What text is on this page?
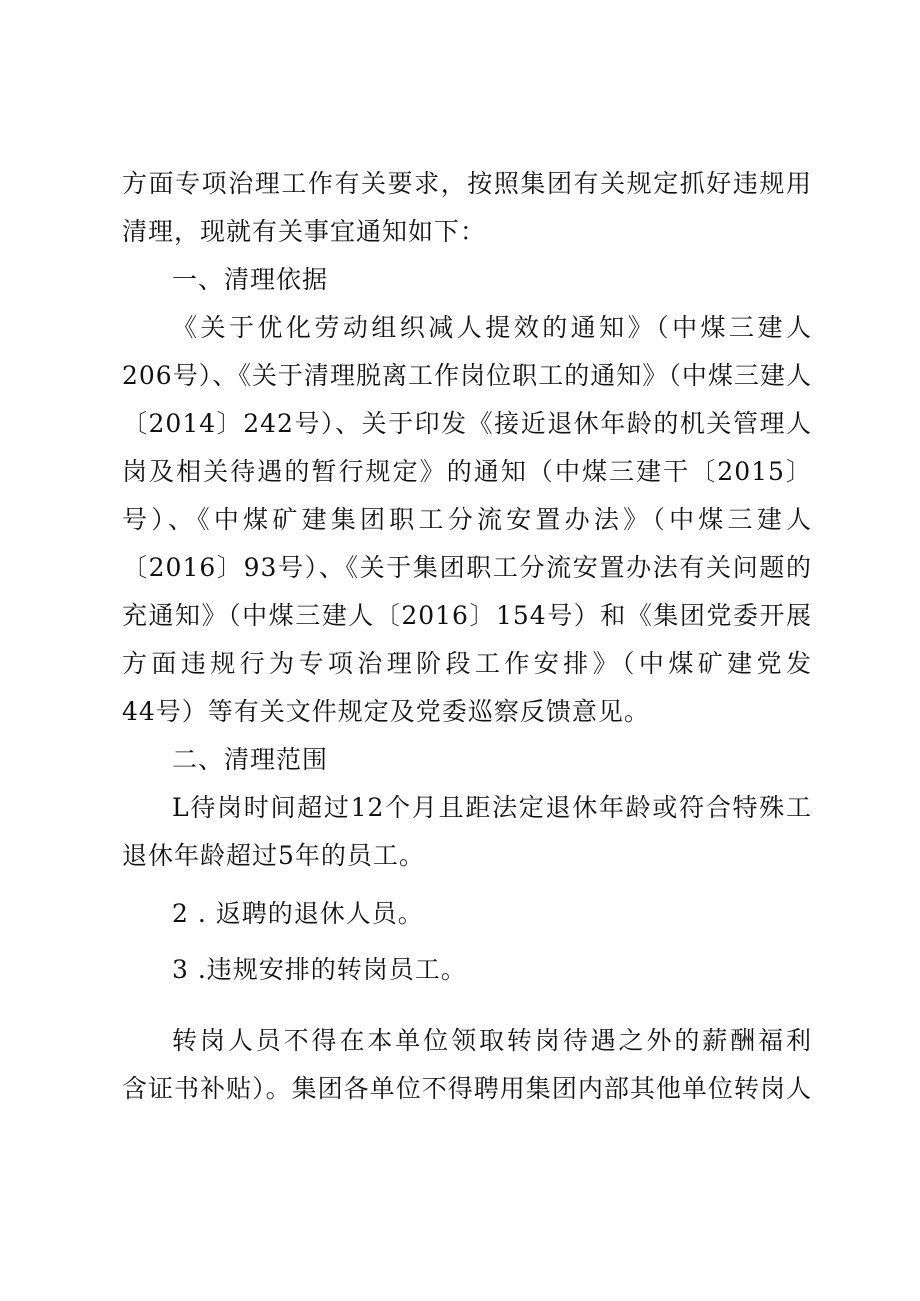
方面专项治理工作有关要求，按照集团有关规定抓好违规用
清理，现就有关事宜通知如下：
一、清理依据
《关于优化劳动组织减人提效的通知》（中煤三建人
206号）、《关于清理脱离工作岗位职工的通知》（中煤三建人
〔2014〕242号）、关于印发《接近退休年龄的机关管理人
岗及相关待遇的暂行规定》的通知（中煤三建干〔2015〕
号）、《中煤矿建集团职工分流安置办法》（中煤三建人
〔2016〕93号）、《关于集团职工分流安置办法有关问题的
充通知》（中煤三建人〔2016〕154号）和《集团党委开展
方面违规行为专项治理阶段工作安排》（中煤矿建党发
44号）等有关文件规定及党委巡察反馈意见。
二、清理范围
L待岗时间超过12个月且距法定退休年龄或符合特殊工
退休年龄超过5年的员工。
2 . 返聘的退休人员。
3 .违规安排的转岗员工。
转岗人员不得在本单位领取转岗待遇之外的薪酬福利
含证书补贴）。集团各单位不得聘用集团内部其他单位转岗人
